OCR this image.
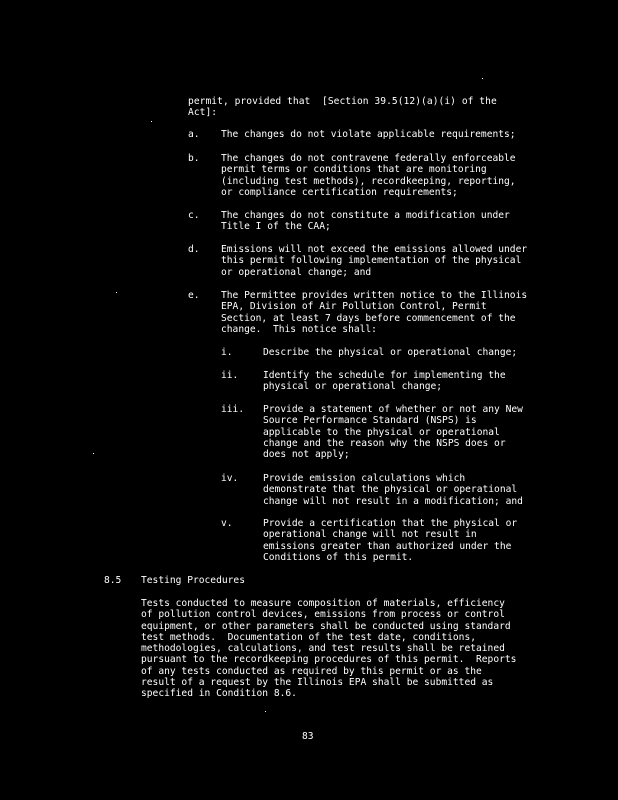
permit, provided that  [Section 39.5(12)(a)(i) of the
Act]:
a. The changes do not violate applicable requirements;
b. The changes do not contravene federally enforceable
permit terms or conditions that are monitoring
(including test methods), recordkeeping, reporting,
or compliance certification requirements;
c. The changes do not constitute a modification under
Title I of the CAA;
d. Emissions will not exceed the emissions allowed under
this permit following implementation of the physical
or operational change; and
e. The Permittee provides written notice to the Illinois
EPA, Division of Air Pollution Control, Permit
Section, at least 7 days before commencement of the
change.  This notice shall:
i.	Describe the physical or operational change;
ii.	Identify the schedule for implementing the
physical or operational change;
iii. Provide a statement of whether or not any New
Source Performance Standard (NSPS) is
applicable to the physical or operational
change and the reason why the NSPS does or
does not apply;
iv.	Provide emission calculations which
demonstrate that the physical or operational
change will not result in a modification; and
v.	Provide a certification that the physical or
operational change will not result in
emissions greater than authorized under the
Conditions of this permit.
8.5 Testing Procedures
Tests conducted to measure composition of materials, efficiency
of pollution control devices, emissions from process or control
equipment, or other parameters shall be conducted using standard
test methods.  Documentation of the test date, conditions,
methodologies, calculations, and test results shall be retained
pursuant to the recordkeeping procedures of this permit.  Reports
of any tests conducted as required by this permit or as the
result of a request by the Illinois EPA shall be submitted as
specified in Condition 8.6.
83
